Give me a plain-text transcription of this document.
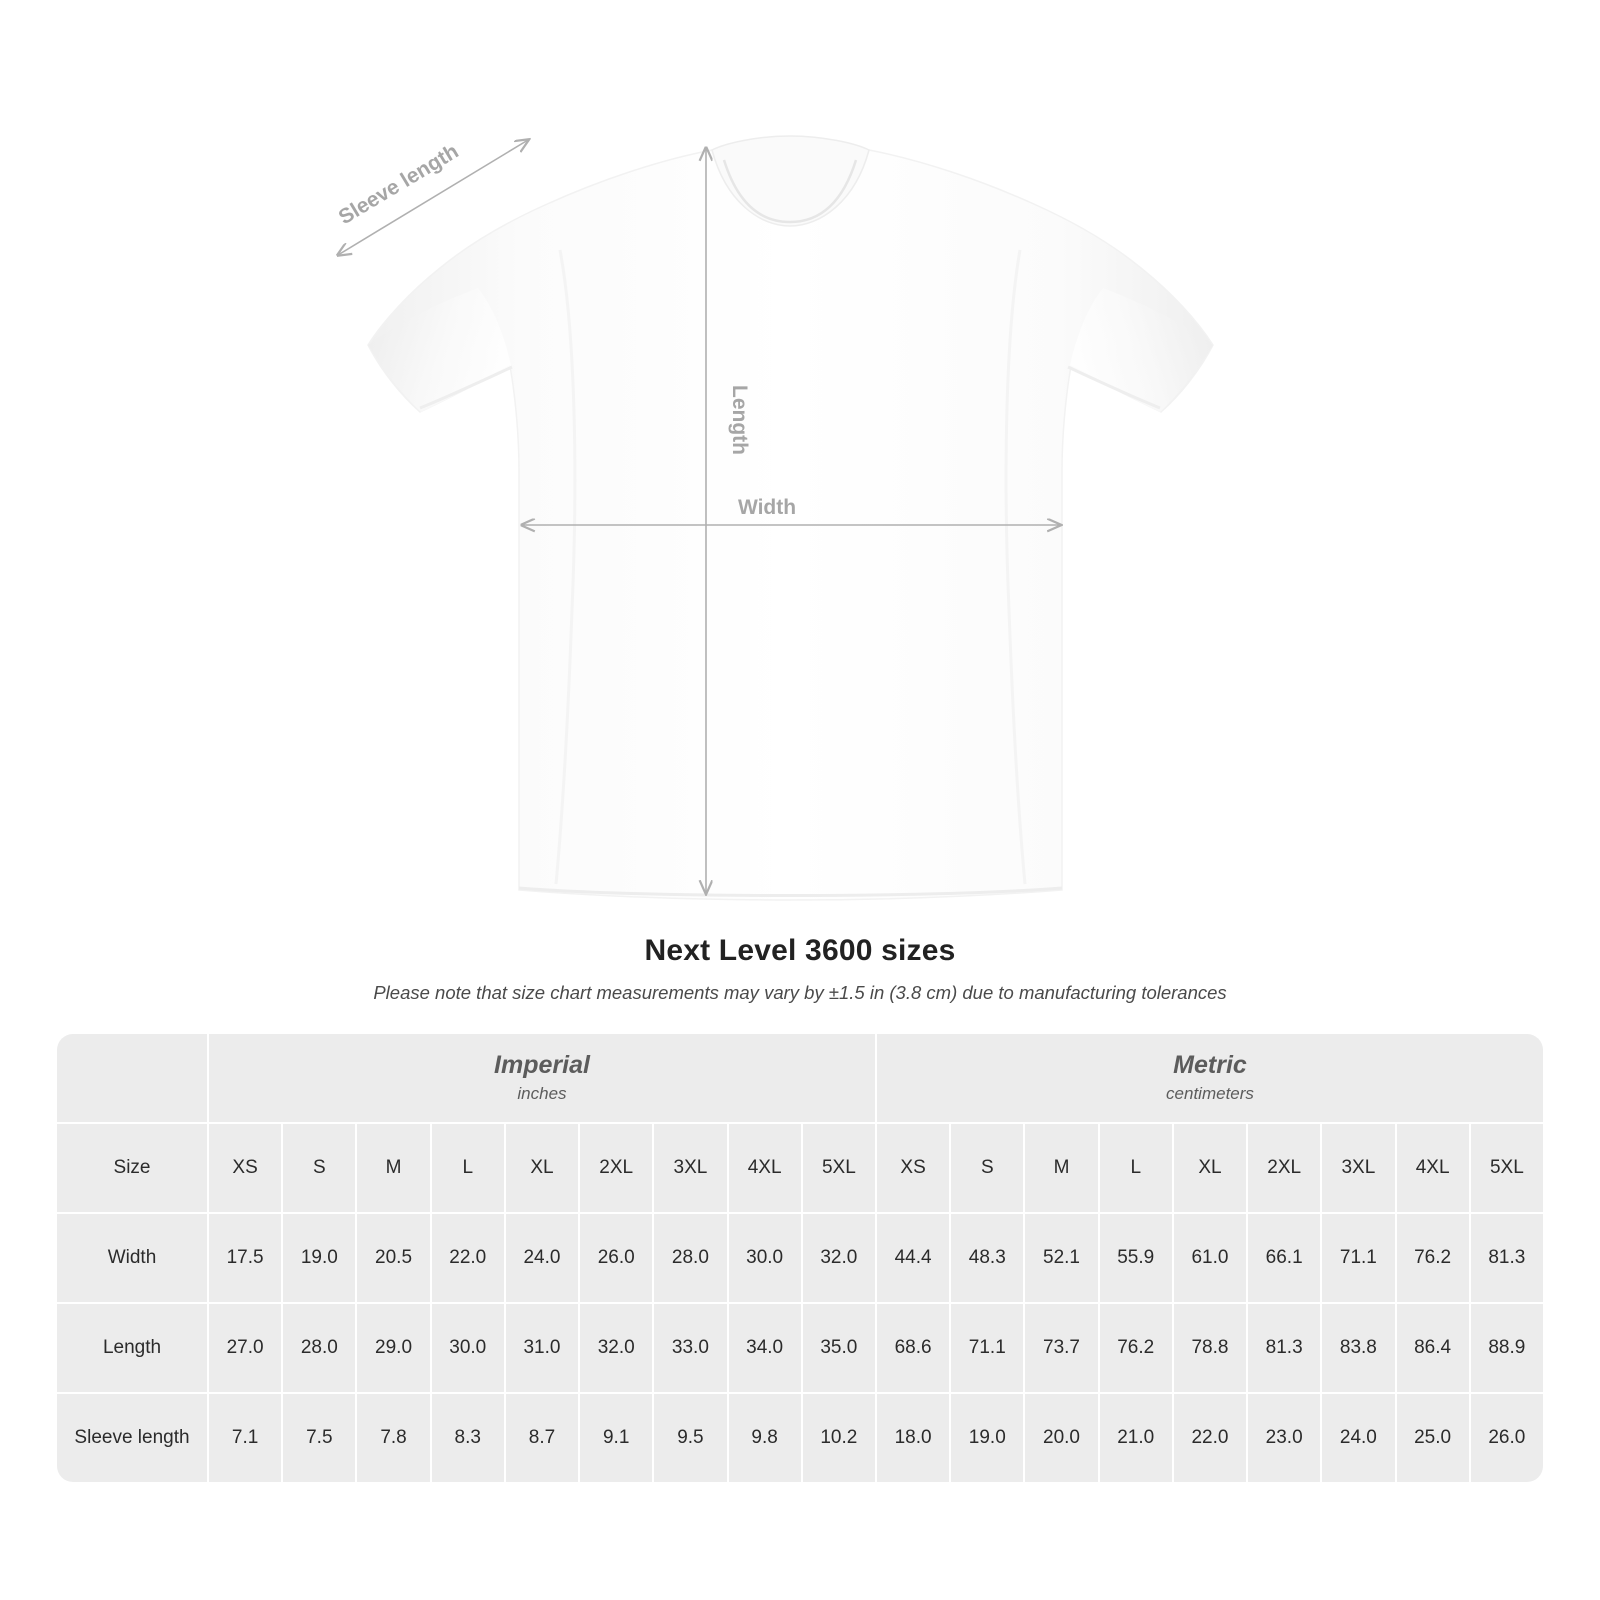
Length
Width
Sleeve length
Next Level 3600 sizes
Please note that size chart measurements may vary by ±1.5 in (3.8 cm) due to manufacturing tolerances

Imperial
inches

Metric
centimeters

Size	XS	S	M	L	XL	2XL	3XL	4XL	5XL	XS	S	M	L	XL	2XL	3XL	4XL	5XL
Width	17.5	19.0	20.5	22.0	24.0	26.0	28.0	30.0	32.0	44.4	48.3	52.1	55.9	61.0	66.1	71.1	76.2	81.3
Length	27.0	28.0	29.0	30.0	31.0	32.0	33.0	34.0	35.0	68.6	71.1	73.7	76.2	78.8	81.3	83.8	86.4	88.9
Sleeve length	7.1	7.5	7.8	8.3	8.7	9.1	9.5	9.8	10.2	18.0	19.0	20.0	21.0	22.0	23.0	24.0	25.0	26.0
